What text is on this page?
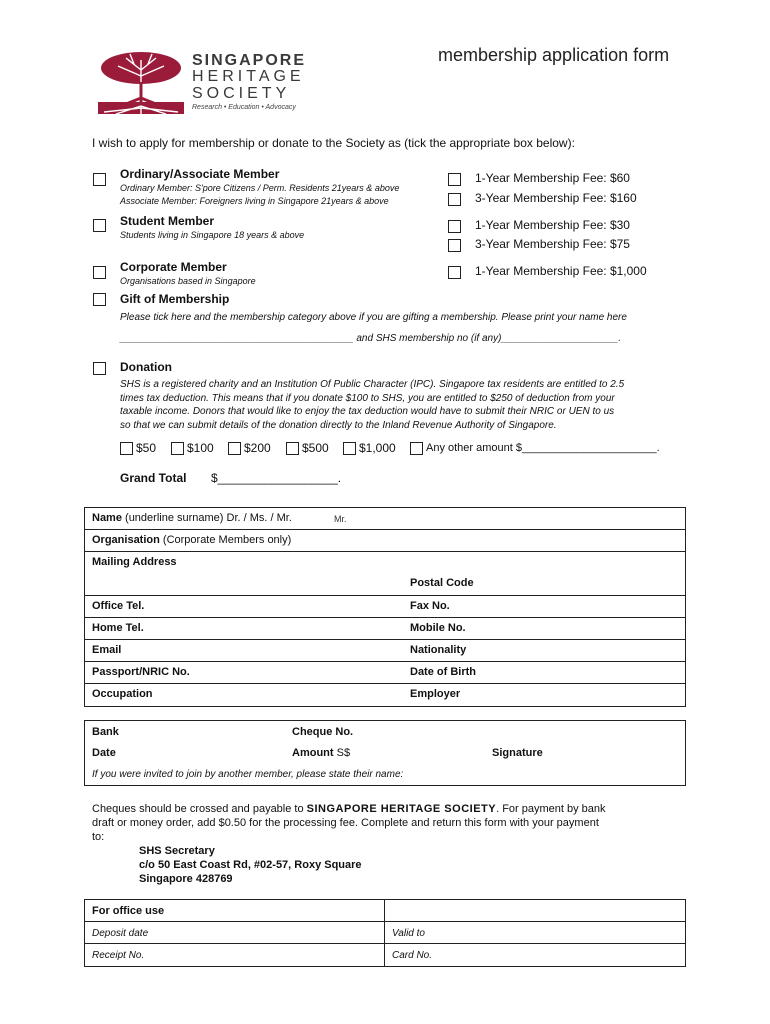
SINGAPORE
HERITAGE
SOCIETY
Research • Education • Advocacy
membership application form
I wish to apply for membership or donate to the Society as (tick the appropriate box below):
Ordinary/Associate Member
Ordinary Member: S'pore Citizens / Perm. Residents 21years & above
Associate Member: Foreigners living in Singapore 21years & above
1-Year Membership Fee: $60
3-Year Membership Fee: $160
Student Member
Students living in Singapore 18 years & above
1-Year Membership Fee: $30
3-Year Membership Fee: $75
Corporate Member
Organisations based in Singapore
1-Year Membership Fee: $1,000
Gift of Membership
Please tick here and the membership category above if you are gifting a membership. Please print your name here
__________________________________________ and SHS membership no (if any)_____________________.
Donation
SHS is a registered charity and an Institution Of Public Character (IPC). Singapore tax residents are entitled to 2.5
times tax deduction. This means that if you donate $100 to SHS, you are entitled to $250 of deduction from your
taxable income. Donors that would like to enjoy the tax deduction would have to submit their NRIC or UEN to us
so that we can submit details of the donation directly to the Inland Revenue Authority of Singapore.
$50	$100	$200	$500	$1,000	Any other amount $______________________.
Grand Total $__________________.
Name (underline surname) Dr. / Ms. / Mr.	Mr.
Organisation (Corporate Members only)
Mailing Address
Postal Code
Office Tel.	Fax No.
Home Tel.	Mobile No.
Email	Nationality
Passport/NRIC No.	Date of Birth
Occupation	Employer
Bank	Cheque No.
Date	Amount S$	Signature
If you were invited to join by another member, please state their name:
Cheques should be crossed and payable to SINGAPORE HERITAGE SOCIETY. For payment by bank
draft or money order, add $0.50 for the processing fee. Complete and return this form with your payment
to:
SHS Secretary
c/o 50 East Coast Rd, #02-57, Roxy Square
Singapore 428769
For office use
Deposit date	Valid to
Receipt No.	Card No.
